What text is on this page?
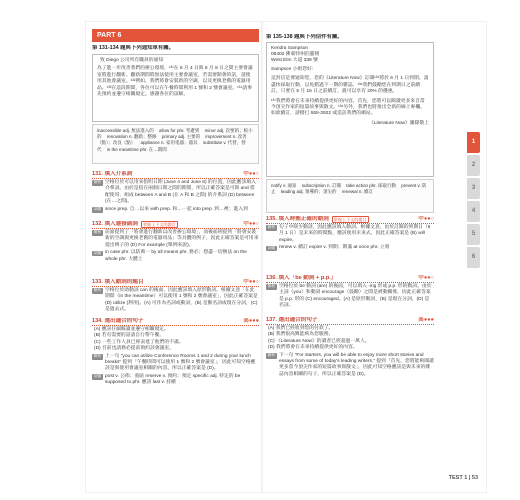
PART 6
第 131-134 題與下列通知單有關。
致 Diego 公司所有職員的通知
為了進一步改善我們的辦公環境，¹³¹在 6 月 4 日與 6 月 8 日之間主要會議室將進行翻新。翻新期間將無法使用主要會議室，若需要開會的話，請使用其他會議室。¹³²例如，我們將會安裝新的空調，以及更換老舊的電器用品。¹³³在這段期間，各位可以在午餐時間利用 1 號和 2 號會議室。¹³⁴請事先預約並遵守相關規定。感謝各位的諒解。
inaccessible adj. 無法進入的 allow for phr. 考慮到 minor adj. 次要的；較小的 renovation n. 翻新；整修 primary adj. 主要的 improvement n. 改善（點）；改良（點） appliance n. 家用電器；器具 substitute v. 代替，替代 in the meantime phr. 在…期間
131. 填入介系詞	中●●○
解析 空格位於可以用來指明日期 (June 4 and June 8) 的位置，因此應該填入介系詞。由於是指在兩個日期之間的期間，所以正確答案是可與 and 搭配使用、組成 between A and B (在 A 和 B 之間) 的介系詞 (D) between (在…之間)。
詞彙 since prep. 自…以來 with prep. 和…一起 into prep. 到…裡；進入到
132. 填入連接副詞	掌握上下文的題目	中●●○
解析 前面提到了「將會進行翻新以改善辦公環境」，而後面則提到「將會安裝新的空調與更換老舊的電器用品」等具體的例子，因此正確答案是可用來提出例子的 (D) For example (舉例來說)。
詞彙 in case phr. 以防萬一 by all means phr. 務必；想盡一切辦法 on the whole phr. 大體上
133. 填入動詞的題目	中●●○
解析 空格位於助動詞 can 的後面，因此應該填入原形動詞。根據文意「在此期間（in the meantime）可以使用 1 號和 2 號會議室」，因此正確答案是 (D) utilize (利用)。(A) 可作為名詞或動詞，(B) 是動名詞或現在分詞，(C) 是過去式。
134. 選出適合的句子	高●●●
(A) 應該仔細閱讀並遵守相關規定。
(B) 若有需要的話請自行帶午餐。
(C) 一些工作人員已經表達了他們的不滿。
(D) 目前也請務必提前預約該會議室。
解析 上一句 "you can utilize Conference Rooms 1 and 2 during your lunch breaks" 提到「午餐時間可以使用 1 號和 2 號會議室」，因此可知空格應該是與使用會議室相關的內容，所以正確答案是 (D)。
詞彙 post v. 公佈；張貼 reserve v. 預約；預定 specific adj. 特定的 be supposed to phr. 應該 last v. 持續
第 135-138 題與下列信件有關。
Kendra Sampson
05402 佛蒙特州伯靈頓
West Elm 大道 338 號
Sampson 小姐您好：
這封信是要通知您，您的《Literature Now》訂閱¹³⁵將於 6 月 1 日到期。請盡快採取行動，以免錯過下一期的雜誌。¹³⁶我們鼓勵您在到期日之前續訂。只要在 5 月 15 日之前續訂，就可以享有 20% 的優惠。
¹³⁷我們將會在未來持續提供更好的內容。首先，您將可以閱讀更多來自當今頂尖作家的短篇故事與散文。¹³⁸另外，我們也將推出全新的線上專欄。如欲續訂，請撥打 555-3922 或造訪我們的網站。
《Literature Now》團隊敬上
notify v. 通知 subscription n. 訂閱 take action phr. 採取行動 prevent v. 防止 leading adj. 領導的；頂尖的 renewal n. 續訂
135. 填入時態正確的動詞	掌握上下文的題目	中●●○
解析 句子中缺少動詞，因此應該填入動詞。根據文意，由於訂閱的到期日（6 月 1 日）是未來的時間點，應該使用未來式，因此正確答案是 (B) will expire。
詞彙 renew v. 續訂 expire v. 到期；期滿 at once phr. 立刻
136. 填入「be 動詞 + p.p.」	中●●○
解析 空格位於 be 動詞 (are) 的後面，可以填入 -ing 形或 p.p. 形的動詞。由於主詞（you）和動詞 encourage（鼓勵）之間是被動關係，因此正確答案是 p.p. 形的 (C) encouraged。(A) 是原形動詞，(B) 是現在分詞，(D) 是名詞。
137. 選出適合的句子	高●●●
(A) 我們已經收到您的付款了。
(B) 我們很高興能夠為您服務。
(C) 《Literature Now》的讀者已經超過一萬人。
(D) 我們將會在未來持續提供更好的內容。
解析 下一句 "For starters, you will be able to enjoy more short stories and essays from some of today's leading writers." 提到「首先，您將能夠閱讀更多當今頂尖作家的短篇故事與散文」，因此可知空格應該是與未來的雜誌內容相關的句子，所以正確答案是 (D)。
1
2
3
4
5
6
TEST 1 | 53
